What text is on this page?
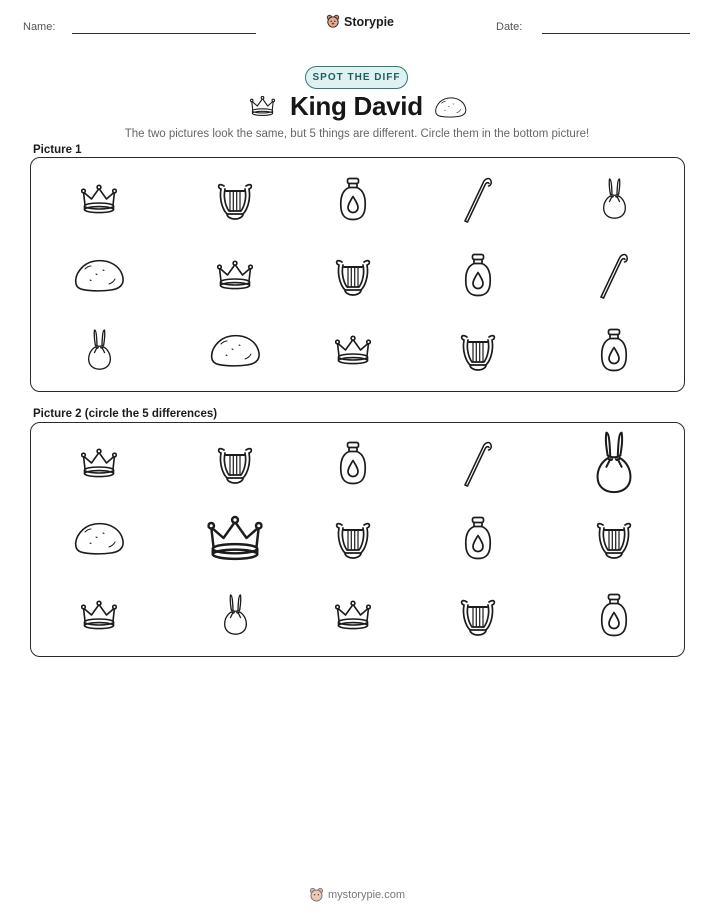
Name:	Storypie	Date:
SPOT THE DIFF
King David
The two pictures look the same, but 5 things are different. Circle them in the bottom picture!
Picture 1
Picture 2 (circle the 5 differences)
mystorypie.com
